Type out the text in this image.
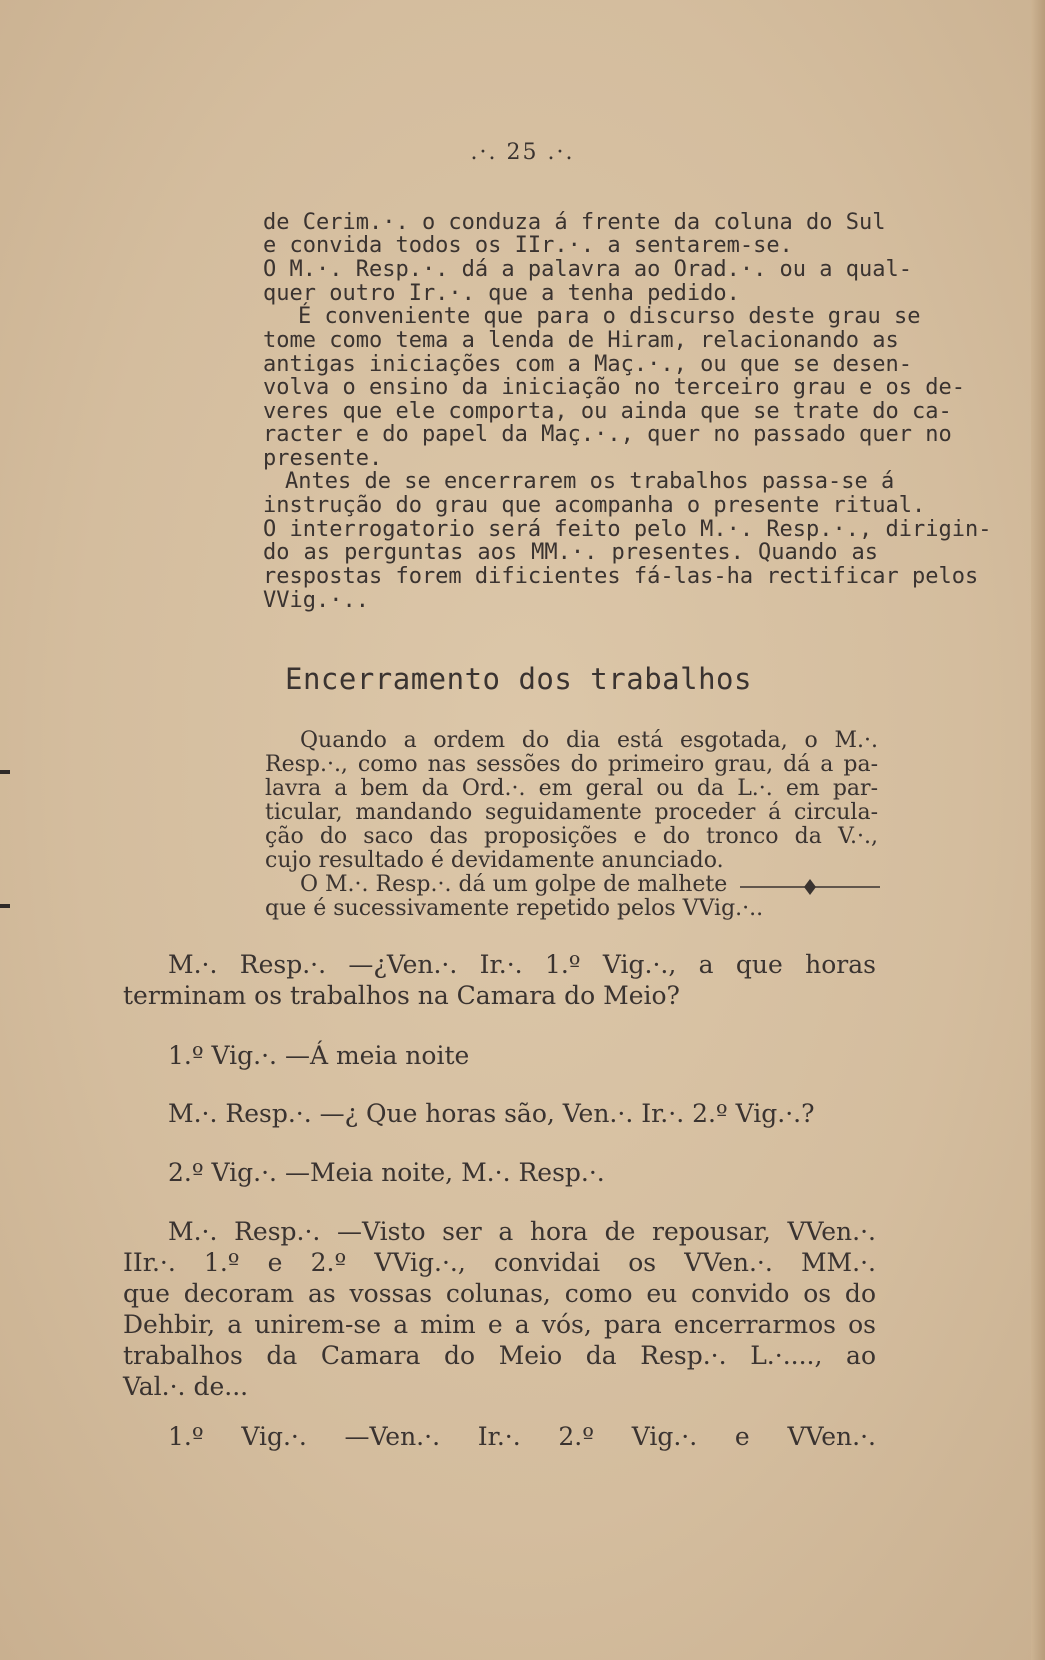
.·. 25 .·.
de Cerim.·. o conduza á frente da coluna do Sul
e convida todos os IIr.·. a sentarem-se.
O M.·. Resp.·. dá a palavra ao Orad.·. ou a qual-
quer outro Ir.·. que a tenha pedido.
É conveniente que para o discurso deste grau se
tome como tema a lenda de Hiram, relacionando as
antigas iniciações com a Maç.·., ou que se desen-
volva o ensino da iniciação no terceiro grau e os de-
veres que ele comporta, ou ainda que se trate do ca-
racter e do papel da Maç.·., quer no passado quer no
presente.
Antes de se encerrarem os trabalhos passa-se á
instrução do grau que acompanha o presente ritual.
O interrogatorio será feito pelo M.·. Resp.·., dirigin-
do as perguntas aos MM.·. presentes. Quando as
respostas forem dificientes fá-las-ha rectificar pelos
VVig.·..
Encerramento dos trabalhos
Quando a ordem do dia está esgotada, o M.·.
Resp.·., como nas sessões do primeiro grau, dá a pa-
lavra a bem da Ord.·. em geral ou da L.·. em par-
ticular, mandando seguidamente proceder á circula-
ção do saco das proposições e do tronco da V.·.,
cujo resultado é devidamente anunciado.
O M.·. Resp.·. dá um golpe de malhete
que é sucessivamente repetido pelos VVig.·..
M.·. Resp.·. —¿Ven.·. Ir.·. 1.º Vig.·., a que horas
terminam os trabalhos na Camara do Meio?
1.º Vig.·. —Á meia noite
M.·. Resp.·. —¿ Que horas são, Ven.·. Ir.·. 2.º Vig.·.?
2.º Vig.·. —Meia noite, M.·. Resp.·.
M.·. Resp.·. —Visto ser a hora de repousar, VVen.·.
IIr.·. 1.º e 2.º VVig.·., convidai os VVen.·. MM.·.
que decoram as vossas colunas, como eu convido os do
Dehbir, a unirem-se a mim e a vós, para encerrarmos os
trabalhos da Camara do Meio da Resp.·. L.·...., ao
Val.·. de...
1.º Vig.·. —Ven.·. Ir.·. 2.º Vig.·. e VVen.·.
